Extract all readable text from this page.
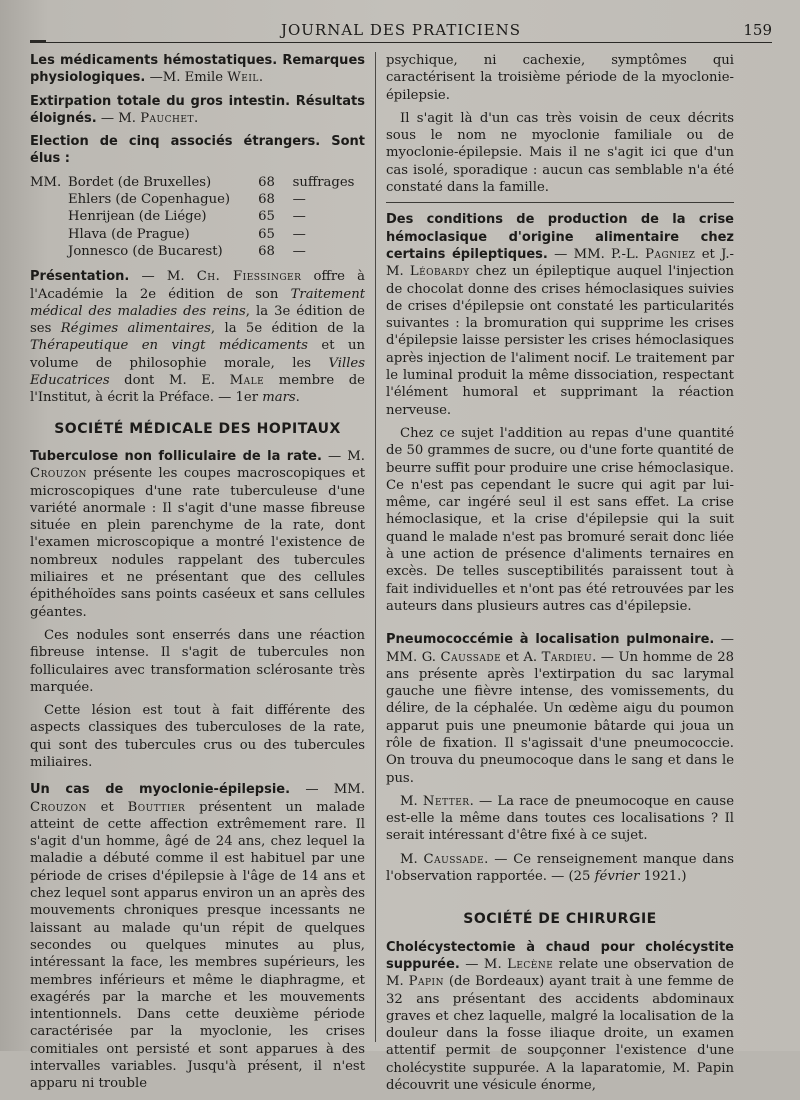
JOURNAL DES PRATICIENS	159

Les médicaments hémostatiques. Remarques physiologiques. —M. Emile Weil.

Extirpation totale du gros intestin. Résultats éloignés. — M. Pauchet.

Election de cinq associés étrangers. Sont élus :

MM. Bordet (de Bruxelles)	68	suffrages
Ehlers (de Copenhague)	68	—
Henrijean (de Liége)	65	—
Hlava (de Prague)	65	—
Jonnesco (de Bucarest)	68	—

Présentation. — M. Ch. Fiessinger offre à l'Académie la 2e édition de son Traitement médical des maladies des reins, la 3e édition de ses Régimes alimentaires, la 5e édition de la Thérapeutique en vingt médicaments et un volume de philosophie morale, les Villes Educatrices dont M. E. Male membre de l'Institut, à écrit la Préface. — 1er mars.

SOCIÉTÉ MÉDICALE DES HOPITAUX

Tuberculose non folliculaire de la rate. — M. Crouzon présente les coupes macroscopiques et microscopiques d'une rate tuberculeuse d'une variété anormale : Il s'agit d'une masse fibreuse située en plein parenchyme de la rate, dont l'examen microscopique a montré l'existence de nombreux nodules rappelant des tubercules miliaires et ne présentant que des cellules épithéhoïdes sans points caséeux et sans cellules géantes.

Ces nodules sont enserrés dans une réaction fibreuse intense. Il s'agit de tubercules non folliculaires avec transformation sclérosante très marquée.

Cette lésion est tout à fait différente des aspects classiques des tuberculoses de la rate, qui sont des tubercules crus ou des tubercules miliaires.

Un cas de myoclonie-épilepsie. — MM. Crouzon et Bouttier présentent un malade atteint de cette affection extrêmement rare. Il s'agit d'un homme, âgé de 24 ans, chez lequel la maladie a débuté comme il est habituel par une période de crises d'épilepsie à l'âge de 14 ans et chez lequel sont apparus environ un an après des mouvements chroniques presque incessants ne laissant au malade qu'un répit de quelques secondes ou quelques minutes au plus, intéressant la face, les membres supérieurs, les membres inférieurs et même le diaphragme, et exagérés par la marche et les mouvements intentionnels. Dans cette deuxième période caractérisée par la myoclonie, les crises comitiales ont persisté et sont apparues à des intervalles variables. Jusqu'à présent, il n'est apparu ni trouble

psychique, ni cachexie, symptômes qui caractérisent la troisième période de la myoclonie-épilepsie.

Il s'agit là d'un cas très voisin de ceux décrits sous le nom ne myoclonie familiale ou de myoclonie-épilepsie. Mais il ne s'agit ici que d'un cas isolé, sporadique : aucun cas semblable n'a été constaté dans la famille.

Des conditions de production de la crise hémoclasique d'origine alimentaire chez certains épileptiques. — MM. P.-L. Pagniez et J.-M. Léobardy chez un épileptique auquel l'injection de chocolat donne des crises hémoclasiques suivies de crises d'épilepsie ont constaté les particularités suivantes : la bromuration qui supprime les crises d'épilepsie laisse persister les crises hémoclasiques après injection de l'aliment nocif. Le traitement par le luminal produit la même dissociation, respectant l'élément humoral et supprimant la réaction nerveuse.

Chez ce sujet l'addition au repas d'une quantité de 50 grammes de sucre, ou d'une forte quantité de beurre suffit pour produire une crise hémoclasique. Ce n'est pas cependant le sucre qui agit par lui-même, car ingéré seul il est sans effet. La crise hémoclasique, et la crise d'épilepsie qui la suit quand le malade n'est pas bromuré serait donc liée à une action de présence d'aliments ternaires en excès. De telles susceptibilités paraissent tout à fait individuelles et n'ont pas été retrouvées par les auteurs dans plusieurs autres cas d'épilepsie.

Pneumococcémie à localisation pulmonaire. — MM. G. Caussade et A. Tardieu. — Un homme de 28 ans présente après l'extirpation du sac larymal gauche une fièvre intense, des vomissements, du délire, de la céphalée. Un œdème aigu du poumon apparut puis une pneumonie bâtarde qui joua un rôle de fixation. Il s'agissait d'une pneumococcie. On trouva du pneumocoque dans le sang et dans le pus.

M. Netter. — La race de pneumocoque en cause est-elle la même dans toutes ces localisations ? Il serait intéressant d'être fixé à ce sujet.

M. Caussade. — Ce renseignement manque dans l'observation rapportée. — (25 février 1921.)

SOCIÉTÉ DE CHIRURGIE

Cholécystectomie à chaud pour cholécystite suppurée. — M. Lecène relate une observation de M. Papin (de Bordeaux) ayant trait à une femme de 32 ans présentant des accidents abdominaux graves et chez laquelle, malgré la localisation de la douleur dans la fosse iliaque droite, un examen attentif permit de soupçonner l'existence d'une cholécystite suppurée. A la laparatomie, M. Papin découvrit une vésicule énorme,
